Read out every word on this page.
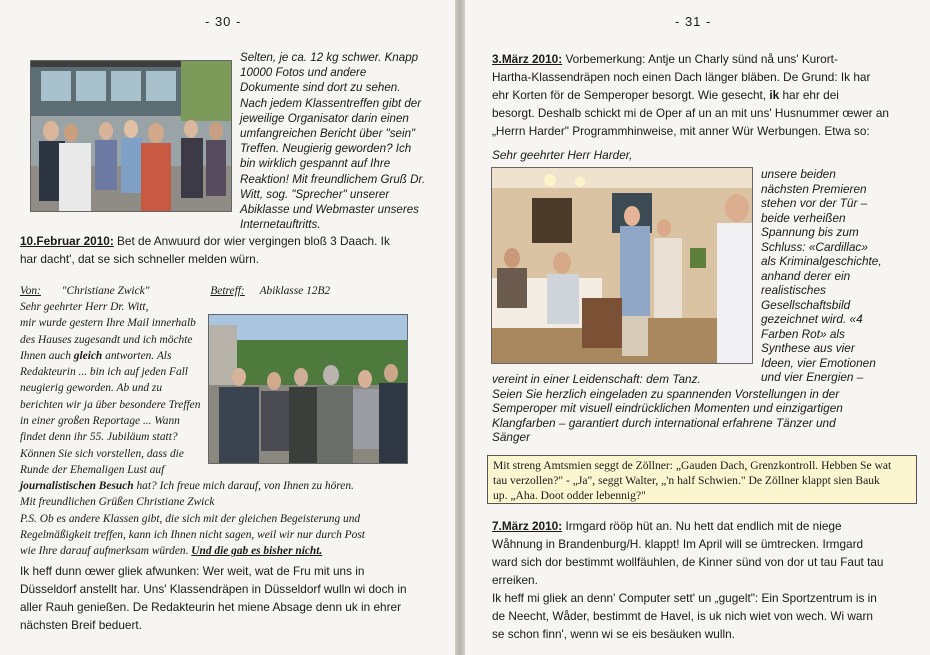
- 30 -
Selten, je ca. 12 kg schwer. Knapp
10000 Fotos und andere
Dokumente sind dort zu sehen.
Nach jedem Klassentreffen gibt der
jeweilige Organisator darin einen
umfangreichen Bericht über "sein"
Treffen. Neugierig geworden? Ich
bin wirklich gespannt auf Ihre
Reaktion! Mit freundlichem Gruß Dr.
Witt, sog. "Sprecher" unserer
Abiklasse und Webmaster unseres
Internetauftritts.

10.Februar 2010: Bet de Anwuurd dor wier vergingen bloß 3 Daach. Ik

har dacht', dat se sich schneller melden würn.

Von: "Christiane Zwick"	Betreff: Abiklasse 12B2
Sehr geehrter Herr Dr. Witt,
mir wurde gestern Ihre Mail innerhalb
des Hauses zugesandt und ich möchte
Ihnen auch gleich antworten. Als
Redakteurin ... bin ich auf jeden Fall
neugierig geworden. Ab und zu
berichten wir ja über besondere Treffen
in einer großen Reportage ... Wann
findet denn ihr 55. Jubiläum statt?
Können Sie sich vorstellen, dass die
Runde der Ehemaligen Lust auf
journalistischen Besuch hat? Ich freue mich darauf, von Ihnen zu hören.
Mit freundlichen Grüßen Christiane Zwick
P.S. Ob es andere Klassen gibt, die sich mit der gleichen Begeisterung und
Regelmäßigkeit treffen, kann ich Ihnen nicht sagen, weil wir nur durch Post
wie Ihre darauf aufmerksam würden. Und die gab es bisher nicht.

Ik heff dunn œwer gliek afwunken: Wer weit, wat de Fru mit uns in

Düsseldorf anstellt har. Uns' Klassendräpen in Düsseldorf wulln wi doch in

aller Rauh genießen. De Redakteurin het miene Absage denn uk in ehrer

nächsten Breif beduert.

- 31 -

3.März 2010: Vorbemerkung: Antje un Charly sünd nå uns' Kurort-

Hartha-Klassendräpen noch einen Dach länger bläben. De Grund: Ik har

ehr Korten för de Semperoper besorgt. Wie gesecht, ik har ehr dei

besorgt. Deshalb schickt mi de Oper af un an mit uns' Husnummer œwer an

„Herrn Harder" Programmhinweise, mit anner Wür Werbungen. Etwa so:

Sehr geehrter Herr Harder,
unsere beiden
nächsten Premieren
stehen vor der Tür –
beide verheißen
Spannung bis zum
Schluss: «Cardillac»
als Kriminalgeschichte,
anhand derer ein
realistisches
Gesellschaftsbild
gezeichnet wird. «4
Farben Rot» als
Synthese aus vier
Ideen, vier Emotionen
und vier Energien –
vereint in einer Leidenschaft: dem Tanz.
Seien Sie herzlich eingeladen zu spannenden Vorstellungen in der
Semperoper mit visuell eindrücklichen Momenten und einzigartigen
Klangfarben – garantiert durch international erfahrene Tänzer und
Sänger
Mit streng Amtsmien seggt de Zöllner: „Gauden Dach, Grenzkontroll. Hebben Se wat
tau verzollen?" - „Ja", seggt Walter, „'n half Schwien." De Zöllner klappt sien Bauk
up. „Aha. Doot odder lebennig?"

7.März 2010: Irmgard rööp hüt an. Nu hett dat endlich mit de niege

Wåhnung in Brandenburg/H. klappt! Im April will se ümtrecken. Irmgard

ward sich dor bestimmt wollfäuhlen, de Kinner sünd von dor ut tau Faut tau

erreiken.

Ik heff mi gliek an denn' Computer sett' un „gugelt": Ein Sportzentrum is in

de Neecht, Wåder, bestimmt de Havel, is uk nich wiet von wech. Wi warn

se schon finn', wenn wi se eis besäuken wulln.
